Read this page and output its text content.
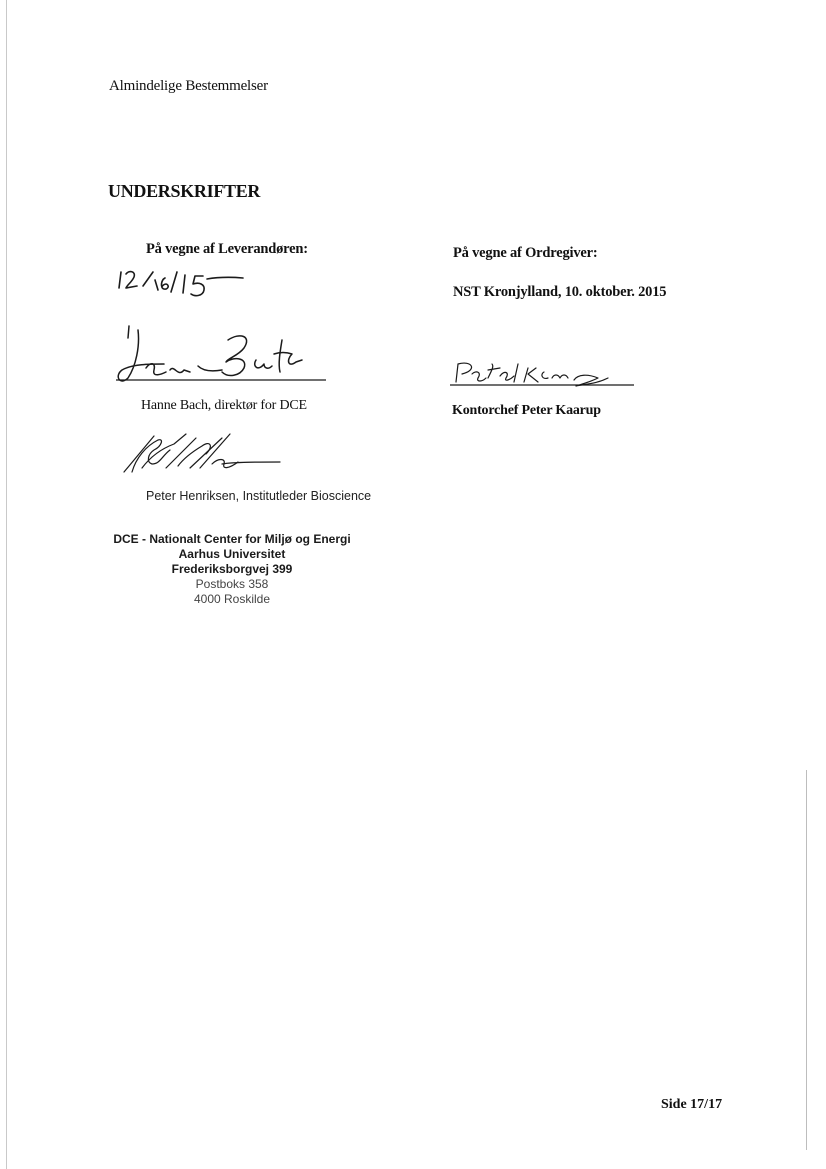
Almindelige Bestemmelser
UNDERSKRIFTER
På vegne af Leverandøren:	På vegne af Ordregiver:
NST Kronjylland, 10. oktober. 2015
Hanne Bach, direktør for DCE
Peter Henriksen, Institutleder Bioscience
Kontorchef Peter Kaarup
DCE - Nationalt Center for Miljø og Energi
Aarhus Universitet
Frederiksborgvej 399
Postboks 358
4000 Roskilde
Side 17/17
